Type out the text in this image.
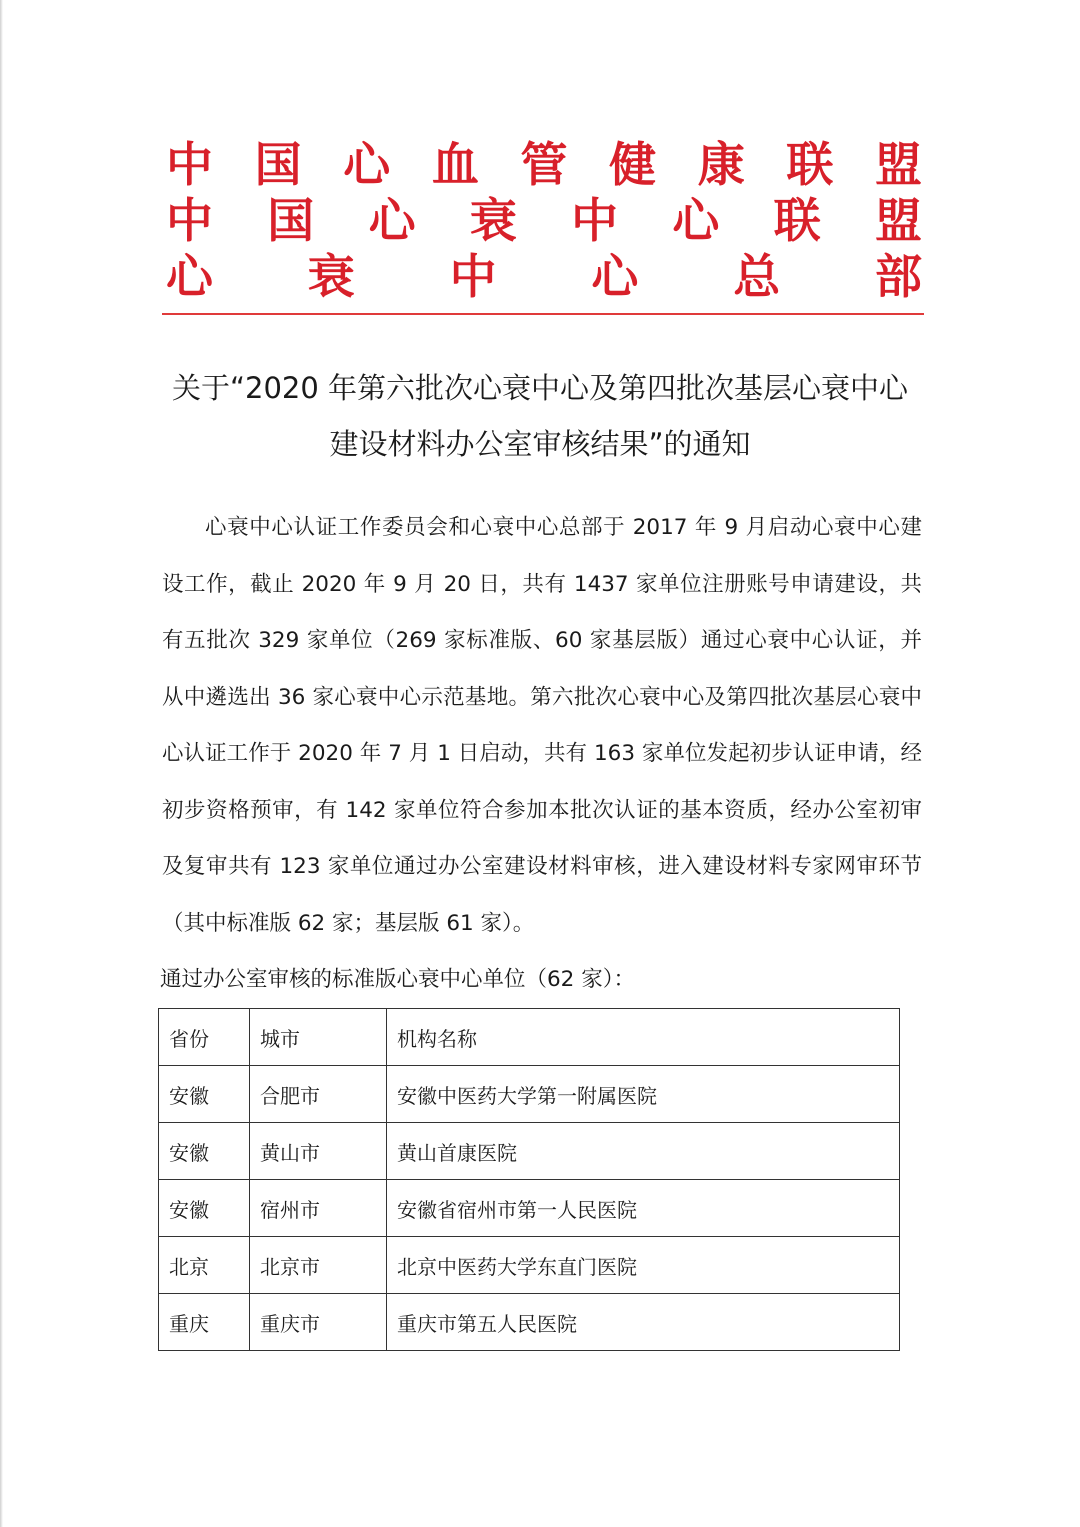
中 国 心 血 管 健 康 联 盟
中 国 心 衰 中 心 联 盟
心 衰 中 心 总 部
关于“2020 年第六批次心衰中心及第四批次基层心衰中心
建设材料办公室审核结果”的通知
心衰中心认证工作委员会和心衰中心总部于 2017 年 9 月启动心衰中心建设工作，截止 2020 年 9 月 20 日，共有 1437 家单位注册账号申请建设，共有五批次 329 家单位（269 家标准版、60 家基层版）通过心衰中心认证，并从中遴选出 36 家心衰中心示范基地。第六批次心衰中心及第四批次基层心衰中心认证工作于 2020 年 7 月 1 日启动，共有 163 家单位发起初步认证申请，经初步资格预审，有 142 家单位符合参加本批次认证的基本资质，经办公室初审及复审共有 123 家单位通过办公室建设材料审核，进入建设材料专家网审环节（其中标准版 62 家；基层版 61 家）。
通过办公室审核的标准版心衰中心单位（62 家）：
省份	城市	机构名称
安徽	合肥市	安徽中医药大学第一附属医院
安徽	黄山市	黄山首康医院
安徽	宿州市	安徽省宿州市第一人民医院
北京	北京市	北京中医药大学东直门医院
重庆	重庆市	重庆市第五人民医院
